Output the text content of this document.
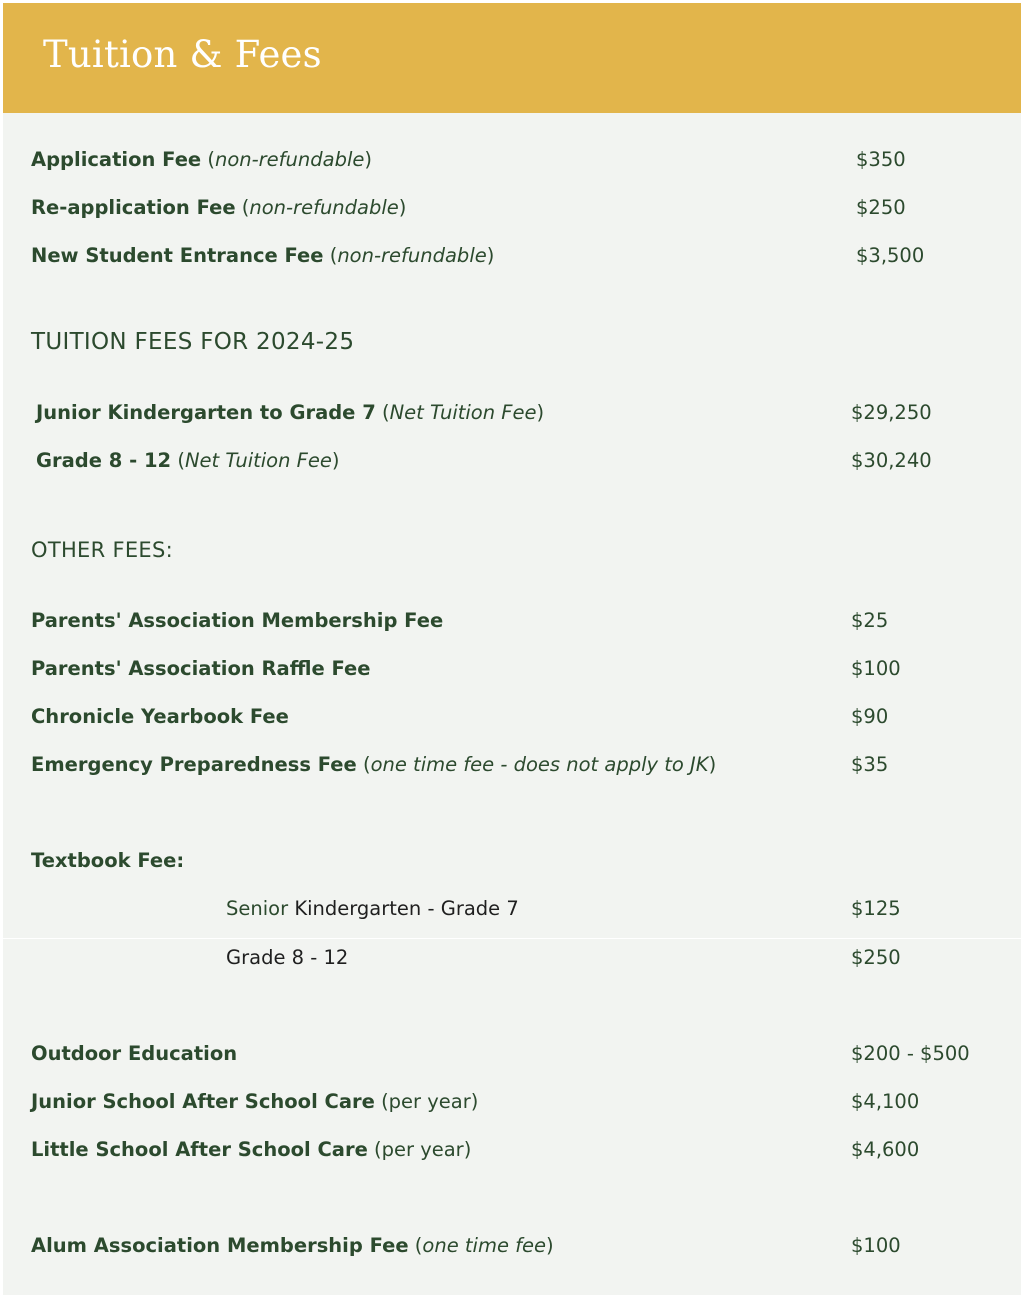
Tuition & Fees
Application Fee (non-refundable)	$350
Re-application Fee (non-refundable)	$250
New Student Entrance Fee (non-refundable)	$3,500
TUITION FEES FOR 2024-25
Junior Kindergarten to Grade 7 (Net Tuition Fee)	$29,250
Grade 8 - 12 (Net Tuition Fee)	$30,240
OTHER FEES:
Parents' Association Membership Fee	$25
Parents' Association Raffle Fee	$100
Chronicle Yearbook Fee	$90
Emergency Preparedness Fee (one time fee - does not apply to JK)	$35
Textbook Fee:
Senior Kindergarten - Grade 7	$125
Grade 8 - 12	$250
Outdoor Education	$200 - $500
Junior School After School Care (per year)	$4,100
Little School After School Care (per year)	$4,600
Alum Association Membership Fee (one time fee)	$100
